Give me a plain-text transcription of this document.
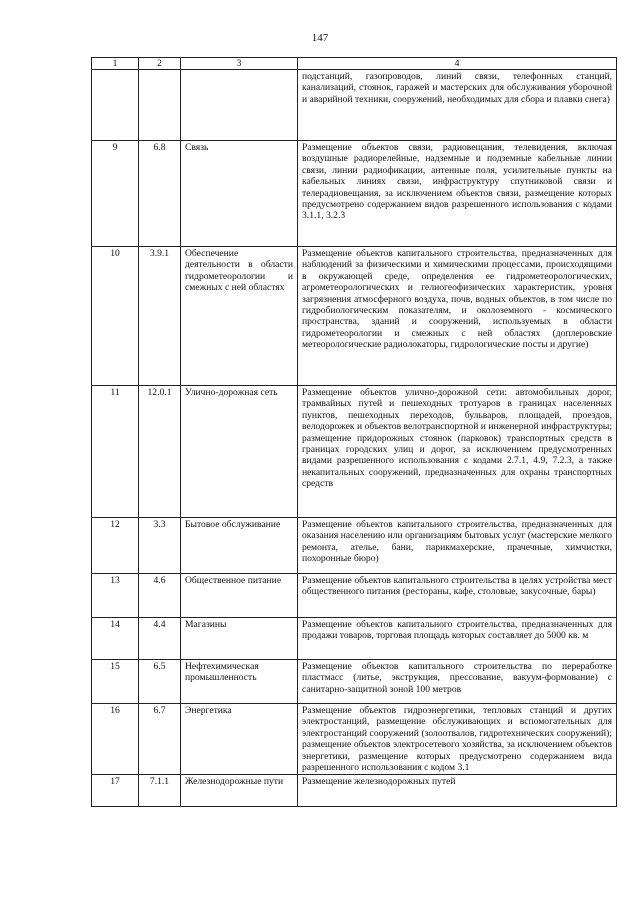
147
1	2	3	4
			подстанций, газопроводов, линий связи, телефонных станций, канализаций, стоянок, гаражей и мастерских для обслуживания уборочной и аварийной техники, сооружений, необходимых для сбора и плавки снега)
9	6.8	Связь	Размещение объектов связи, радиовещания, телевидения, включая воздушные радиорелейные, надземные и подземные кабельные линии связи, линии радиофикации, антенные поля, усилительные пункты на кабельных линиях связи, инфраструктуру спутниковой связи и телерадиовещания, за исключением объектов связи, размещение которых предусмотрено содержанием видов разрешенного использования с кодами 3.1.1, 3.2.3
10	3.9.1	Обеспечение деятельности в области гидрометеорологии и смежных с ней областях	Размещение объектов капитального строительства, предназначенных для наблюдений за физическими и химическими процессами, происходящими в окружающей среде, определения ее гидрометеорологических, агрометеорологических и гелиогеофизических характеристик, уровня загрязнения атмосферного воздуха, почв, водных объектов, в том числе по гидробиологическим показателям, и околоземного - космического пространства, зданий и сооружений, используемых в области гидрометеорологии и смежных с ней областях (доплеровские метеорологические радиолокаторы, гидрологические посты и другие)
11	12.0.1	Улично-дорожная сеть	Размещение объектов улично-дорожной сети: автомобильных дорог, трамвайных путей и пешеходных тротуаров в границах населенных пунктов, пешеходных переходов, бульваров, площадей, проездов, велодорожек и объектов велотранспортной и инженерной инфраструктуры; размещение придорожных стоянок (парковок) транспортных средств в границах городских улиц и дорог, за исключением предусмотренных видами разрешенного использования с кодами 2.7.1, 4.9, 7.2.3, а также некапитальных сооружений, предназначенных для охраны транспортных средств
12	3.3	Бытовое обслуживание	Размещение объектов капитального строительства, предназначенных для оказания населению или организациям бытовых услуг (мастерские мелкого ремонта, ателье, бани, парикмахерские, прачечные, химчистки, похоронные бюро)
13	4.6	Общественное питание	Размещение объектов капитального строительства в целях устройства мест общественного питания (рестораны, кафе, столовые, закусочные, бары)
14	4.4	Магазины	Размещение объектов капитального строительства, предназначенных для продажи товаров, торговая площадь которых составляет до 5000 кв. м
15	6.5	Нефтехимическая промышленность	Размещение объектов капитального строительства по переработке пластмасс (литье, экструкция, прессование, вакуум-формование) с санитарно-защитной зоной 100 метров
16	6.7	Энергетика	Размещение объектов гидроэнергетики, тепловых станций и других электростанций, размещение обслуживающих и вспомогательных для электростанций сооружений (золоотвалов, гидротехнических сооружений); размещение объектов электросетевого хозяйства, за исключением объектов энергетики, размещение которых предусмотрено содержанием вида разрешенного использования с кодом 3.1
17	7.1.1	Железнодорожные пути	Размещение железнодорожных путей
